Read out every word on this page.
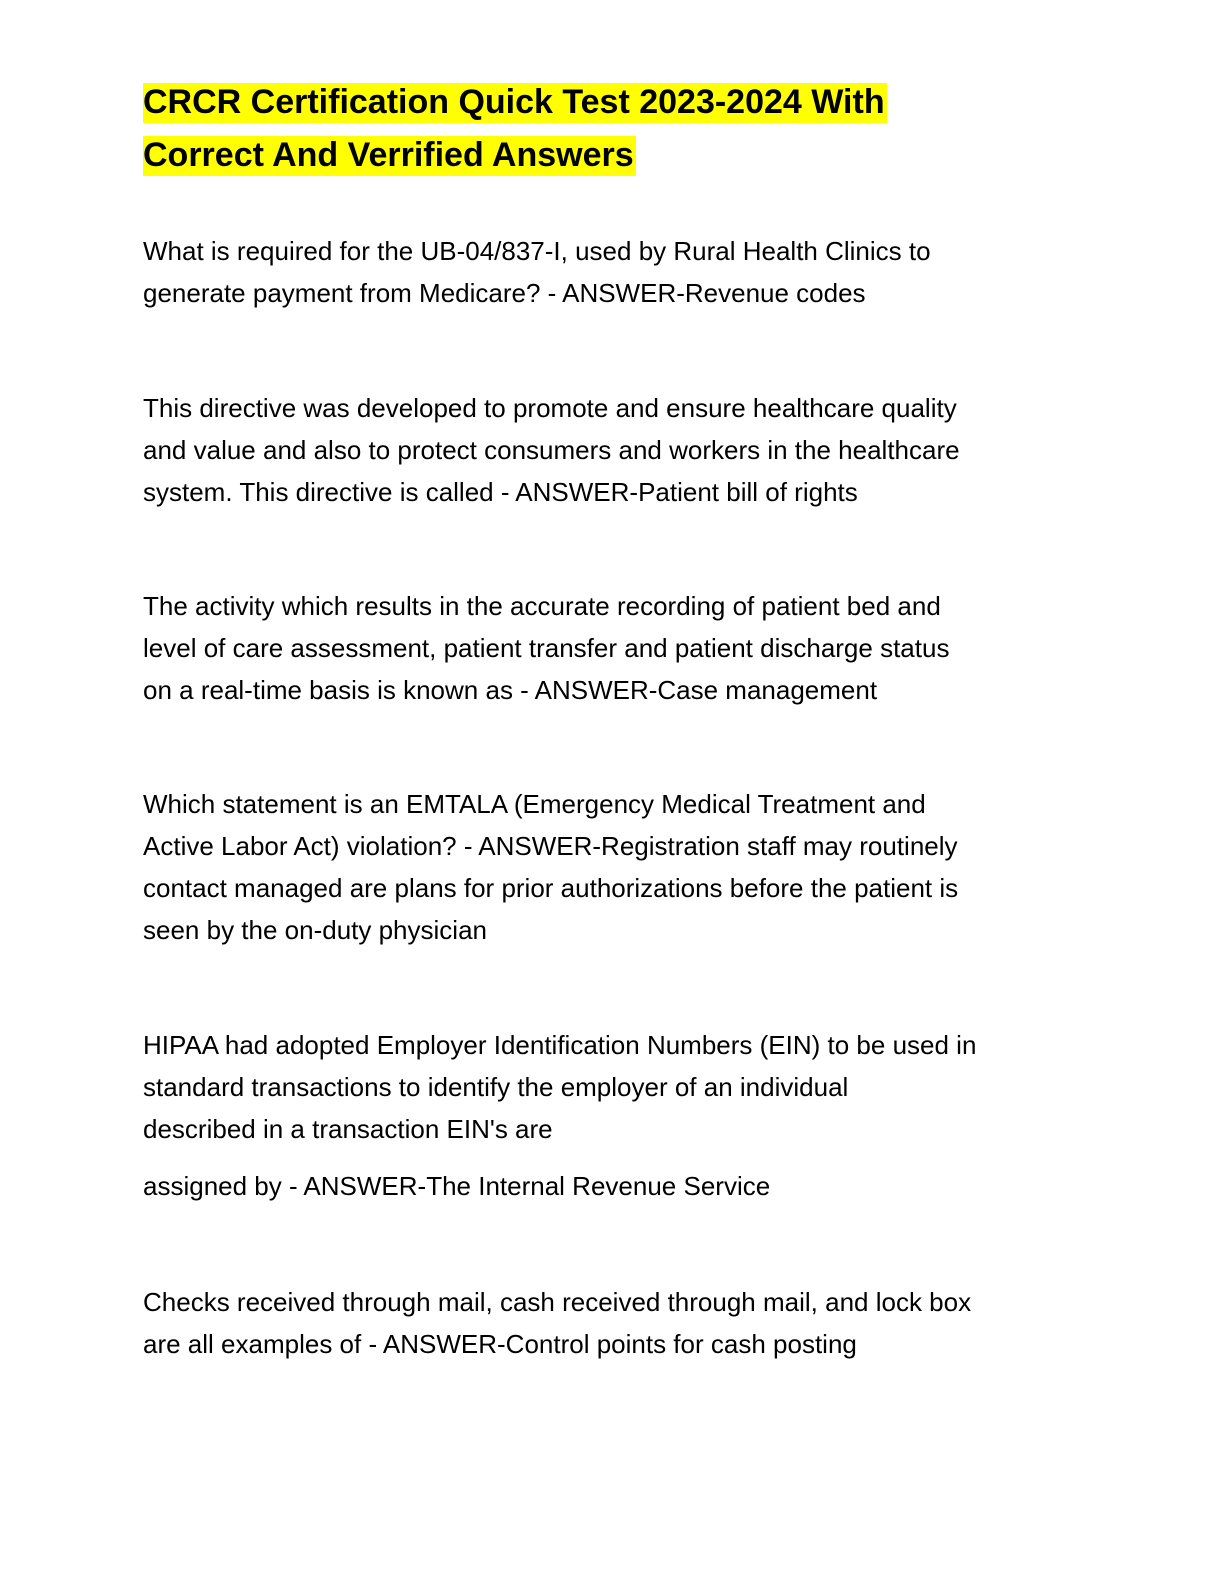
CRCR Certification Quick Test 2023-2024 With
Correct And Verrified Answers

What is required for the UB-04/837-I, used by Rural Health Clinics to
generate payment from Medicare? - ANSWER-Revenue codes

This directive was developed to promote and ensure healthcare quality
and value and also to protect consumers and workers in the healthcare
system. This directive is called - ANSWER-Patient bill of rights

The activity which results in the accurate recording of patient bed and
level of care assessment, patient transfer and patient discharge status
on a real-time basis is known as - ANSWER-Case management

Which statement is an EMTALA (Emergency Medical Treatment and
Active Labor Act) violation? - ANSWER-Registration staff may routinely
contact managed are plans for prior authorizations before the patient is
seen by the on-duty physician

HIPAA had adopted Employer Identification Numbers (EIN) to be used in
standard transactions to identify the employer of an individual
described in a transaction EIN's are

assigned by - ANSWER-The Internal Revenue Service

Checks received through mail, cash received through mail, and lock box
are all examples of - ANSWER-Control points for cash posting
